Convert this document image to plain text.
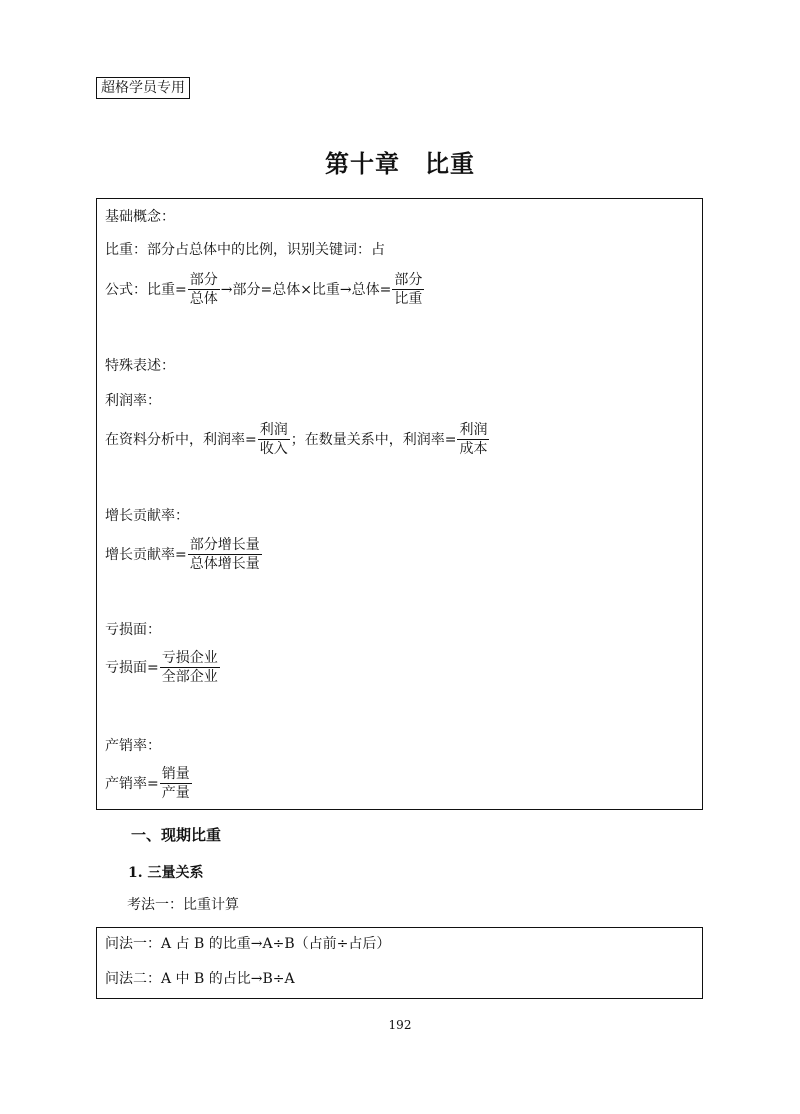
超格学员专用
第十章　比重
基础概念：
比重：部分占总体中的比例，识别关键词：占
公式：比重= $\frac{\text{部分}}{\text{总体}}$ →部分=总体×比重→总体= $\frac{\text{部分}}{\text{比重}}$
特殊表述：
利润率：
在资料分析中，利润率= $\frac{\text{利润}}{\text{收入}}$ ；在数量关系中，利润率= $\frac{\text{利润}}{\text{成本}}$
增长贡献率：
增长贡献率= $\frac{\text{部分增长量}}{\text{总体增长量}}$
亏损面：
亏损面= $\frac{\text{亏损企业}}{\text{全部企业}}$
产销率：
产销率= $\frac{\text{销量}}{\text{产量}}$
一、现期比重
1. 三量关系
考法一：比重计算
问法一：A 占 B 的比重→A÷B（占前÷占后）
问法二：A 中 B 的占比→B÷A
192
